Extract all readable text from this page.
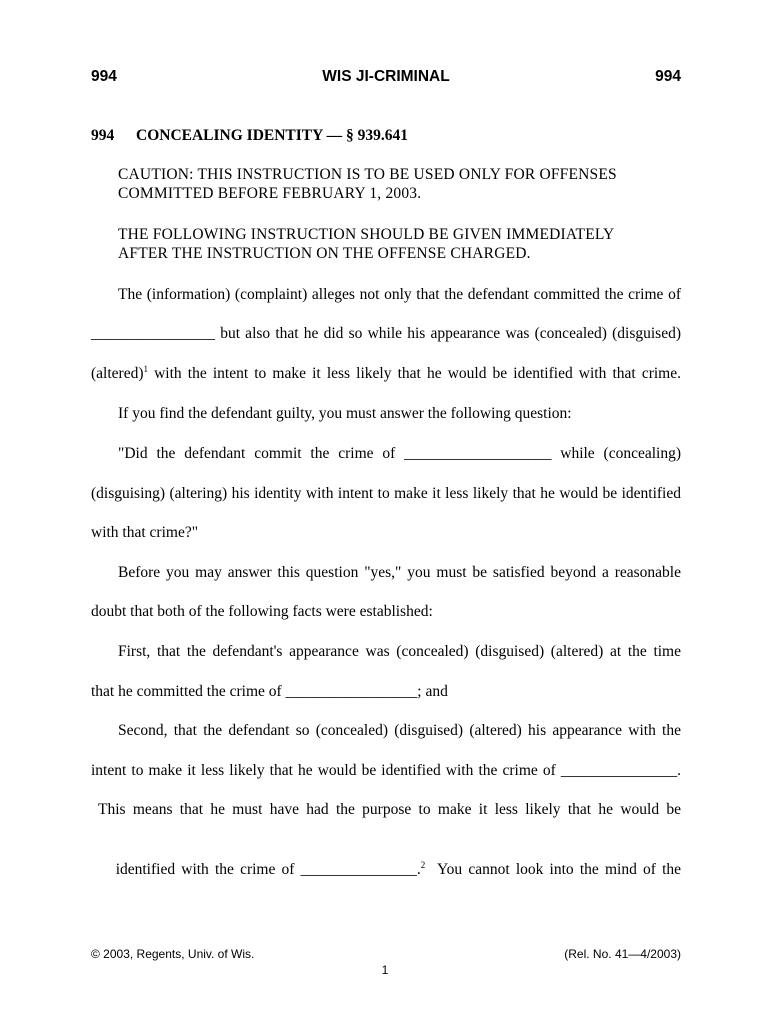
994	WIS JI-CRIMINAL	994
994 CONCEALING IDENTITY — § 939.641
CAUTION: THIS INSTRUCTION IS TO BE USED ONLY FOR OFFENSES
COMMITTED BEFORE FEBRUARY 1, 2003.
THE FOLLOWING INSTRUCTION SHOULD BE GIVEN IMMEDIATELY
AFTER THE INSTRUCTION ON THE OFFENSE CHARGED.
The (information) (complaint) alleges not only that the defendant committed the crime of
________________ but also that he did so while his appearance was (concealed) (disguised)
(altered)$^1$ with the intent to make it less likely that he would be identified with that crime.
If you find the defendant guilty, you must answer the following question:
"Did the defendant commit the crime of ___________________ while (concealing)
(disguising) (altering) his identity with intent to make it less likely that he would be identified
with that crime?"
Before you may answer this question "yes," you must be satisfied beyond a reasonable
doubt that both of the following facts were established:
First, that the defendant's appearance was (concealed) (disguised) (altered) at the time
that he committed the crime of _________________; and
Second, that the defendant so (concealed) (disguised) (altered) his appearance with the
intent to make it less likely that he would be identified with the crime of _______________.
This means that he must have had the purpose to make it less likely that he would be

identified with the crime of _______________.$^2$  You cannot look into the mind of the

© 2003, Regents, Univ. of Wis.	(Rel. No. 41—4/2003)
1
